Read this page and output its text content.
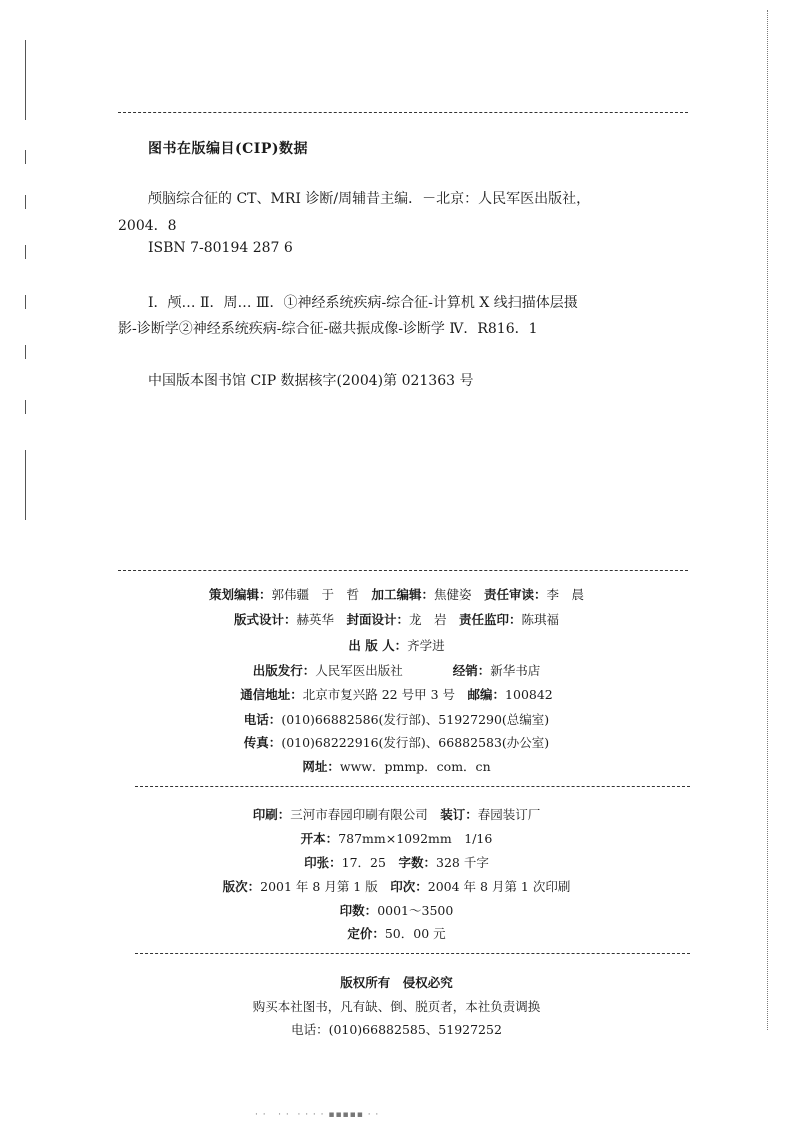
图书在版编目(CIP)数据
颅脑综合征的 CT、MRI 诊断/周辅昔主编．－北京：人民军医出版社，
2004．8
ISBN 7-80194 287 6
Ⅰ．颅… Ⅱ．周… Ⅲ．①神经系统疾病-综合征-计算机 X 线扫描体层摄
影-诊断学②神经系统疾病-综合征-磁共振成像-诊断学 Ⅳ．R816．1
中国版本图书馆 CIP 数据核字(2004)第 021363 号
策划编辑：郭伟疆　于　哲　 加工编辑：焦健姿　 责任审读：李　晨
版式设计：赫英华　 封面设计：龙　岩　 责任监印：陈琪福
出 版 人：齐学进
出版发行：人民军医出版社　　　　	经销：新华书店
通信地址：北京市复兴路 22 号甲 3 号　 邮编：100842
电话：(010)66882586(发行部)、51927290(总编室)
传真：(010)68222916(发行部)、66882583(办公室)
网址：www．pmmp．com．cn
印刷：三河市春园印刷有限公司　 装订：春园装订厂
开本：787mm×1092mm　1/16
印张：17．25　 字数：328 千字
版次：2001 年 8 月第 1 版　 印次：2004 年 8 月第 1 次印刷
印数：0001～3500
定价：50．00 元
版权所有　侵权必究
购买本社图书，凡有缺、倒、脱页者，本社负责调换
电话：(010)66882585、51927252
· ·   · ·  · · · · ▪▪▪▪▪ · ·
